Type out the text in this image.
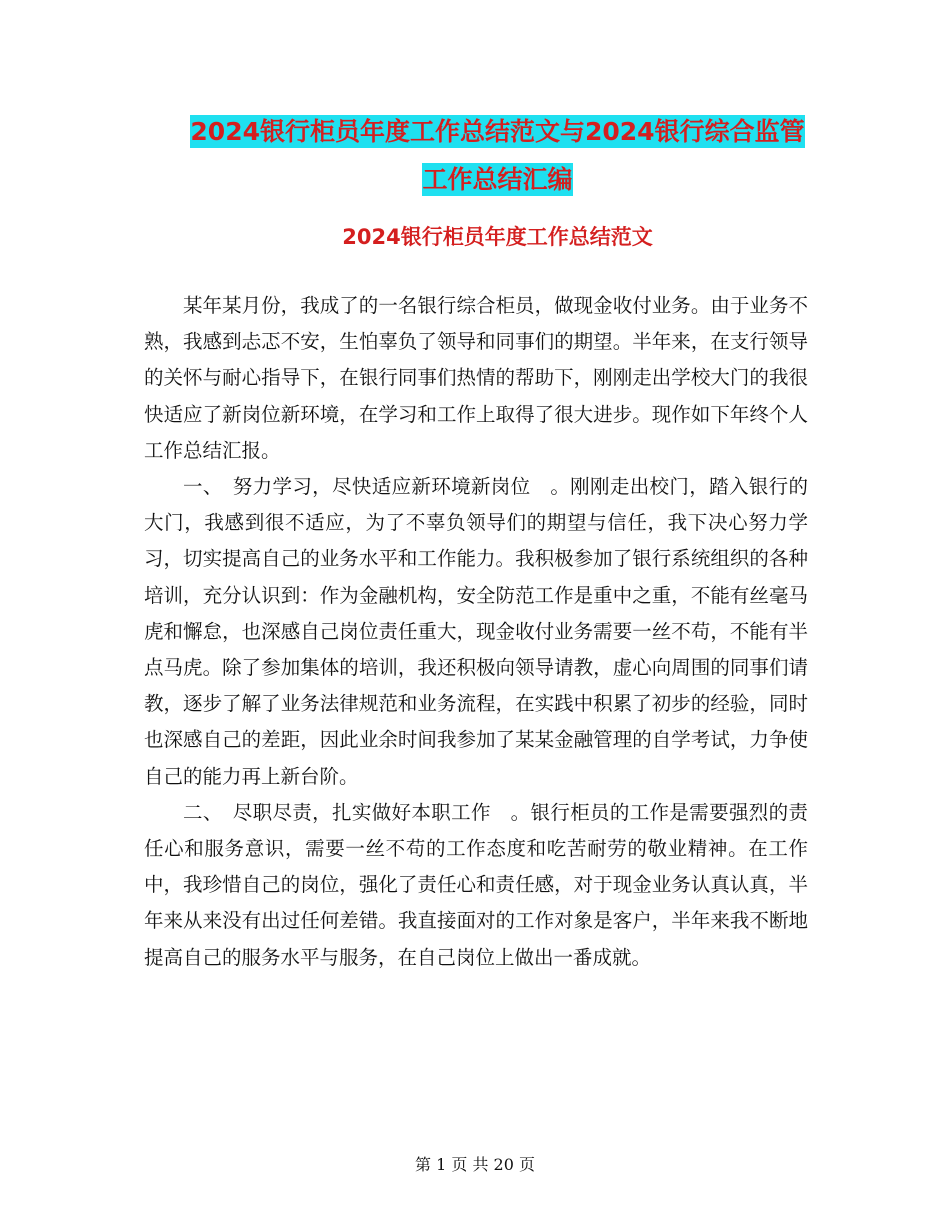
2024银行柜员年度工作总结范文与2024银行综合监管
工作总结汇编
2024银行柜员年度工作总结范文

某年某月份，我成了的一名银行综合柜员，做现金收付业务。由于业务不熟，我感到忐忑不安，生怕辜负了领导和同事们的期望。半年来，在支行领导的关怀与耐心指导下，在银行同事们热情的帮助下，刚刚走出学校大门的我很快适应了新岗位新环境，在学习和工作上取得了很大进步。现作如下年终个人工作总结汇报。

一、　努力学习，尽快适应新环境新岗位　。刚刚走出校门，踏入银行的大门，我感到很不适应，为了不辜负领导们的期望与信任，我下决心努力学习，切实提高自己的业务水平和工作能力。我积极参加了银行系统组织的各种培训，充分认识到：作为金融机构，安全防范工作是重中之重，不能有丝毫马虎和懈怠，也深感自己岗位责任重大，现金收付业务需要一丝不苟，不能有半点马虎。除了参加集体的培训，我还积极向领导请教，虚心向周围的同事们请教，逐步了解了业务法律规范和业务流程，在实践中积累了初步的经验，同时也深感自己的差距，因此业余时间我参加了某某金融管理的自学考试，力争使自己的能力再上新台阶。

二、　尽职尽责，扎实做好本职工作　。银行柜员的工作是需要强烈的责任心和服务意识，需要一丝不苟的工作态度和吃苦耐劳的敬业精神。在工作中，我珍惜自己的岗位，强化了责任心和责任感，对于现金业务认真认真，半年来从来没有出过任何差错。我直接面对的工作对象是客户，半年来我不断地提高自己的服务水平与服务，在自己岗位上做出一番成就。

第 1 页 共 20 页
